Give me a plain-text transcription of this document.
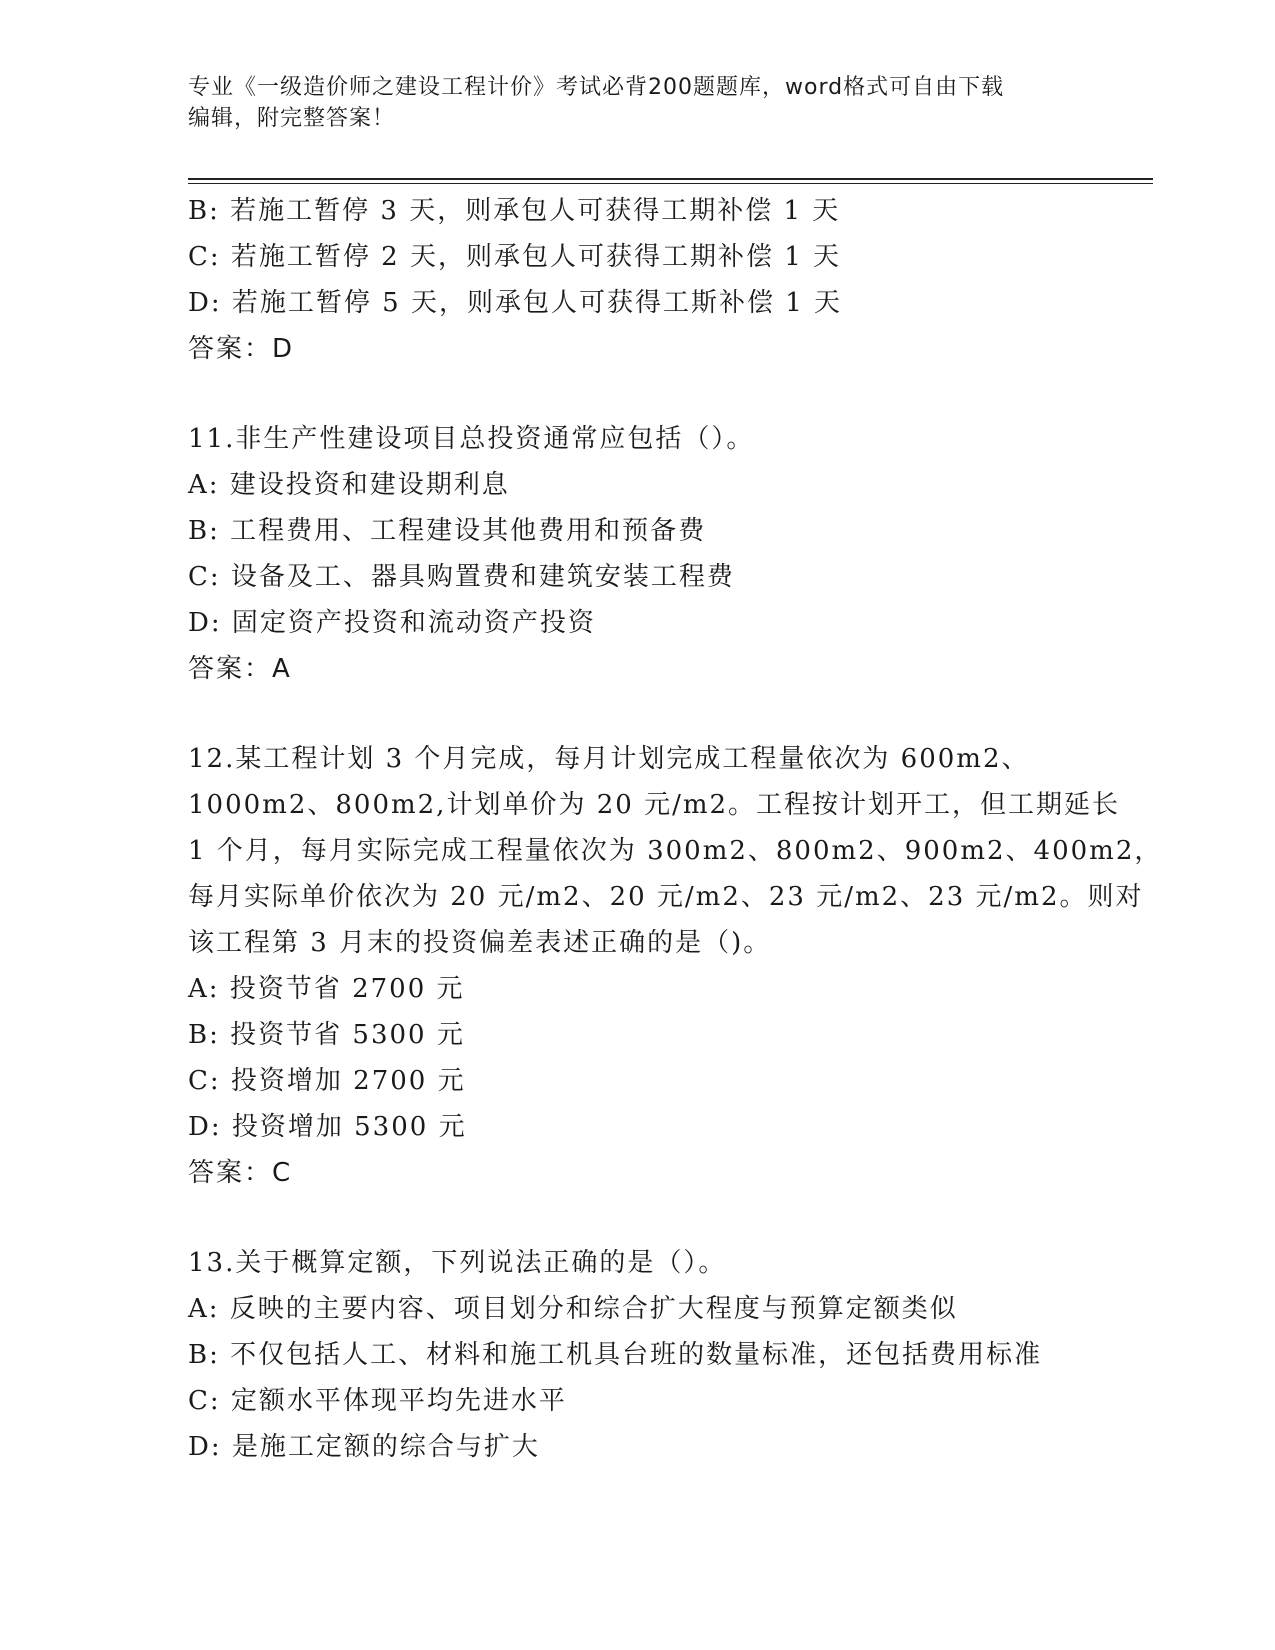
专业《一级造价师之建设工程计价》考试必背200题题库，word格式可自由下载
编辑，附完整答案！
B: 若施工暂停 3 天，则承包人可获得工期补偿 1 天
C: 若施工暂停 2 天，则承包人可获得工期补偿 1 天
D: 若施工暂停 5 天，则承包人可获得工斯补偿 1 天
答案：D
11.非生产性建设项目总投资通常应包括（）。
A: 建设投资和建设期利息
B: 工程费用、工程建设其他费用和预备费
C: 设备及工、器具购置费和建筑安装工程费
D: 固定资产投资和流动资产投资
答案：A
12.某工程计划 3 个月完成，每月计划完成工程量依次为 600m2、
1000m2、800m2,计划单价为 20 元/m2。工程按计划开工，但工期延长
1 个月，每月实际完成工程量依次为 300m2、800m2、900m2、400m2，
每月实际单价依次为 20 元/m2、20 元/m2、23 元/m2、23 元/m2。则对
该工程第 3 月末的投资偏差表述正确的是（)。
A: 投资节省 2700 元
B: 投资节省 5300 元
C: 投资增加 2700 元
D: 投资增加 5300 元
答案：C
13.关于概算定额，下列说法正确的是（）。
A: 反映的主要内容、项目划分和综合扩大程度与预算定额类似
B: 不仅包括人工、材料和施工机具台班的数量标准，还包括费用标准
C: 定额水平体现平均先进水平
D: 是施工定额的综合与扩大
